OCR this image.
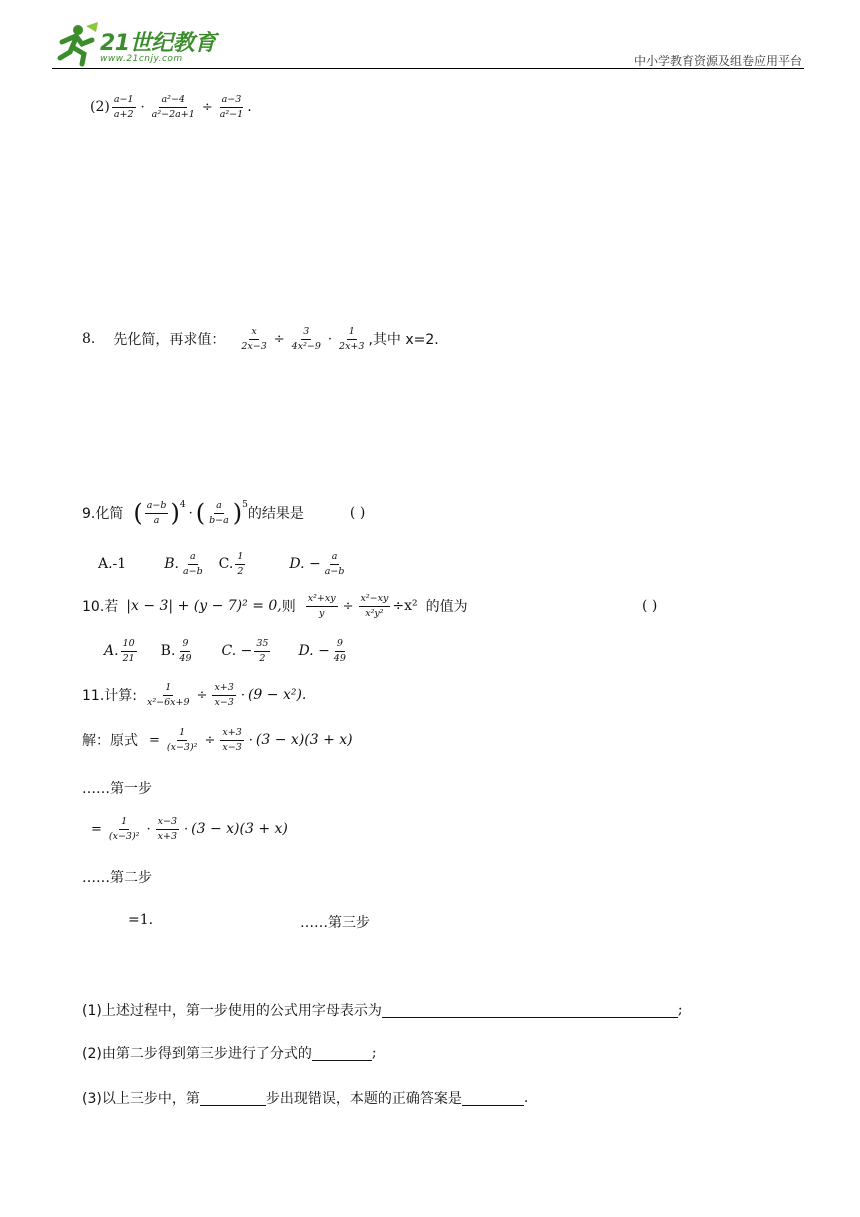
21世纪教育
www.21cnjy.com	中小学教育资源及组卷应用平台
$(2) \frac{a-1}{a+2} \cdot \frac{\text{a²−4}}{\text{a²−2a+1}} \div \frac{a-3}{\text{a²−1}}$ .
8. 先化简，再求值： $\frac{x}{2x-3} \div \frac{3}{\text{4x²−9}} \cdot \frac{1}{2x+3}$ ,其中 x=2.
9.化简 ( $\frac{a-b}{a} )^4$
· ( $\frac{a}{b-a} )^5$
的结果是	( )
A.-1	B. $\frac{a}{a-b} C$. $\frac{1}{2}$	D. − $\frac{a}{a-b}$
10.若 |x − 3| + (y − 7)² = 0, 则 $\frac{\text{x²+xy}}{y} \div \frac{\text{x²−xy}}{\text{x²y²}} \div x^2$ 的值为	( )
A. $\frac{10}{21} B$. $\frac{9}{49} C$. − $\frac{35}{2} D$. − $\frac{9}{49}$
11.计算: $\frac{1}{\text{x²−6x+9}} \div \frac{x+3}{x-3} \cdot (9 - x^2)$.
解：原式 = $\frac{1}{\text{(x−3)²}} \div \frac{x+3}{x-3} \cdot (3 - x)(3 + x)$
……第一步
= $\frac{1}{\text{(x−3)²}} \cdot \frac{x-3}{x+3} \cdot (3 - x)(3 + x)$
……第二步
=1.	……第三步
(1)上述过程中，第一步使用的公式用字母表示为	;
(2)由第二步得到第三步进行了分式的	;
(3)以上三步中，第	步出现错误，本题的正确答案是	.
